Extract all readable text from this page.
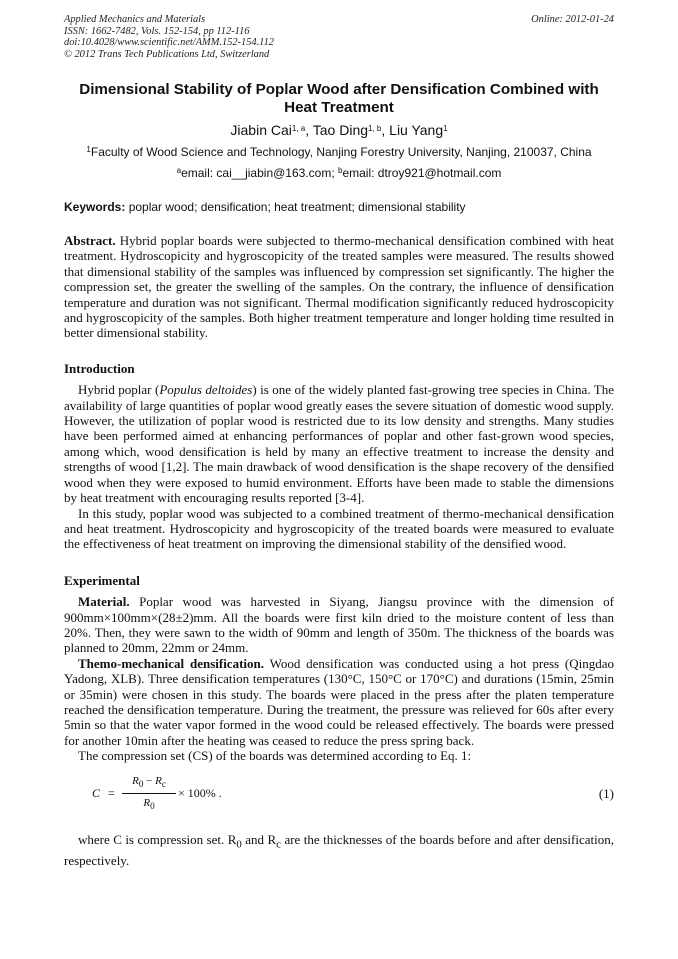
Applied Mechanics and Materials
ISSN: 1662-7482, Vols. 152-154, pp 112-116
doi:10.4028/www.scientific.net/AMM.152-154.112
© 2012 Trans Tech Publications Ltd, Switzerland
Online: 2012-01-24
Dimensional Stability of Poplar Wood after Densification Combined with Heat Treatment
Jiabin Cai$^{1, a}$, Tao Ding$^{1, b}$, Liu Yang$^1$
$^1$Faculty of Wood Science and Technology, Nanjing Forestry University, Nanjing, 210037, China
$^a$email: cai__jiabin@163.com; $^b$email: dtroy921@hotmail.com
Keywords: poplar wood; densification; heat treatment; dimensional stability

Abstract. Hybrid poplar boards were subjected to thermo-mechanical densification combined with heat treatment. Hydroscopicity and hygroscopicity of the treated samples were measured. The results showed that dimensional stability of the samples was influenced by compression set significantly. The higher the compression set, the greater the swelling of the samples. On the contrary, the influence of densification temperature and duration was not significant. Thermal modification significantly reduced hydroscopicity and hygroscopicity of the samples. Both higher treatment temperature and longer holding time resulted in better dimensional stability.

Introduction

Hybrid poplar (Populus deltoides) is one of the widely planted fast-growing tree species in China. The availability of large quantities of poplar wood greatly eases the severe situation of domestic wood supply. However, the utilization of poplar wood is restricted due to its low density and strengths. Many studies have been performed aimed at enhancing performances of poplar and other fast-grown wood species, among which, wood densification is held by many an effective treatment to increase the density and strengths of wood [1,2]. The main drawback of wood densification is the shape recovery of the densified wood when they were exposed to humid environment. Efforts have been made to stable the dimensions by heat treatment with encouraging results reported [3-4].

In this study, poplar wood was subjected to a combined treatment of thermo-mechanical densification and heat treatment. Hydroscopicity and hygroscopicity of the treated boards were measured to evaluate the effectiveness of heat treatment on improving the dimensional stability of the densified wood.

Experimental

Material. Poplar wood was harvested in Siyang, Jiangsu province with the dimension of 900mm×100mm×(28±2)mm. All the boards were first kiln dried to the moisture content of less than 20%. Then, they were sawn to the width of 90mm and length of 350m. The thickness of the boards was planned to 20mm, 22mm or 24mm.

Themo-mechanical densification. Wood densification was conducted using a hot press (Qingdao Yadong, XLB). Three densification temperatures (130°C, 150°C or 170°C) and durations (15min, 25min or 35min) were chosen in this study. The boards were placed in the press after the platen temperature reached the densification temperature. During the treatment, the pressure was relieved for 60s after every 5min so that the water vapor formed in the wood could be released effectively. The boards were pressed for another 10min after the heating was ceased to reduce the press spring back.

The compression set (CS) of the boards was determined according to Eq. 1:

C =
$R_0 - R_c$
$R_0$
× 100% .	(1)

where C is compression set. $R_0$ and $R_c$ are the thicknesses of the boards before and after densification, respectively.
